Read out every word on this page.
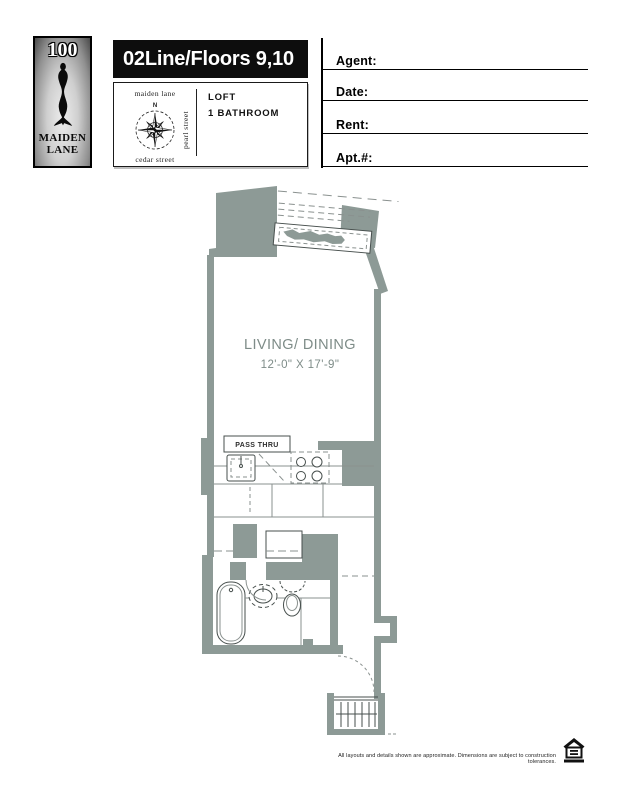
100
MAIDEN
LANE
02Line/Floors 9,10
maiden lane
N
cedar street
pearl street
LOFT
1 BATHROOM
Agent:
Date:
Rent:
Apt.#:
PASS THRU
LIVING/ DINING
12'-0" X 17'-9"
All layouts and details shown are approximate. Dimensions are subject to construction tolerances.
